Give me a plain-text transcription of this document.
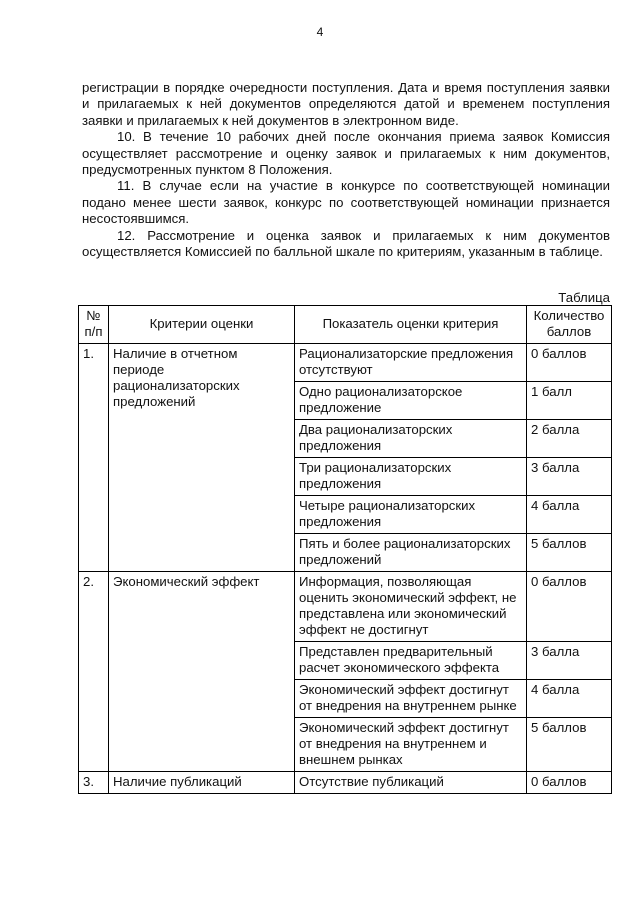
4

регистрации в порядке очередности поступления. Дата и время поступления заявки и прилагаемых к ней документов определяются датой и временем поступления заявки и прилагаемых к ней документов в электронном виде.

10. В течение 10 рабочих дней после окончания приема заявок Комиссия осуществляет рассмотрение и оценку заявок и прилагаемых к ним документов, предусмотренных пунктом 8 Положения.

11. В случае если на участие в конкурсе по соответствующей номинации подано менее шести заявок, конкурс по соответствующей номинации признается несостоявшимся.

12. Рассмотрение и оценка заявок и прилагаемых к ним документов осуществляется Комиссией по балльной шкале по критериям, указанным в таблице.

Таблица
№ п/п	Критерии оценки	Показатель оценки критерия	Количество баллов
1.	Наличие в отчетном периоде рационализаторских предложений	Рационализаторские предложения отсутствуют	0 баллов
		Одно рационализаторское предложение	1 балл
		Два рационализаторских предложения	2 балла
		Три рационализаторских предложения	3 балла
		Четыре рационализаторских предложения	4 балла
		Пять и более рационализаторских предложений	5 баллов
2.	Экономический эффект	Информация, позволяющая оценить экономический эффект, не представлена или экономический эффект не достигнут	0 баллов
		Представлен предварительный расчет экономического эффекта	3 балла
		Экономический эффект достигнут от внедрения на внутреннем рынке	4 балла
		Экономический эффект достигнут от внедрения на внутреннем и внешнем рынках	5 баллов
3.	Наличие публикаций	Отсутствие публикаций	0 баллов
